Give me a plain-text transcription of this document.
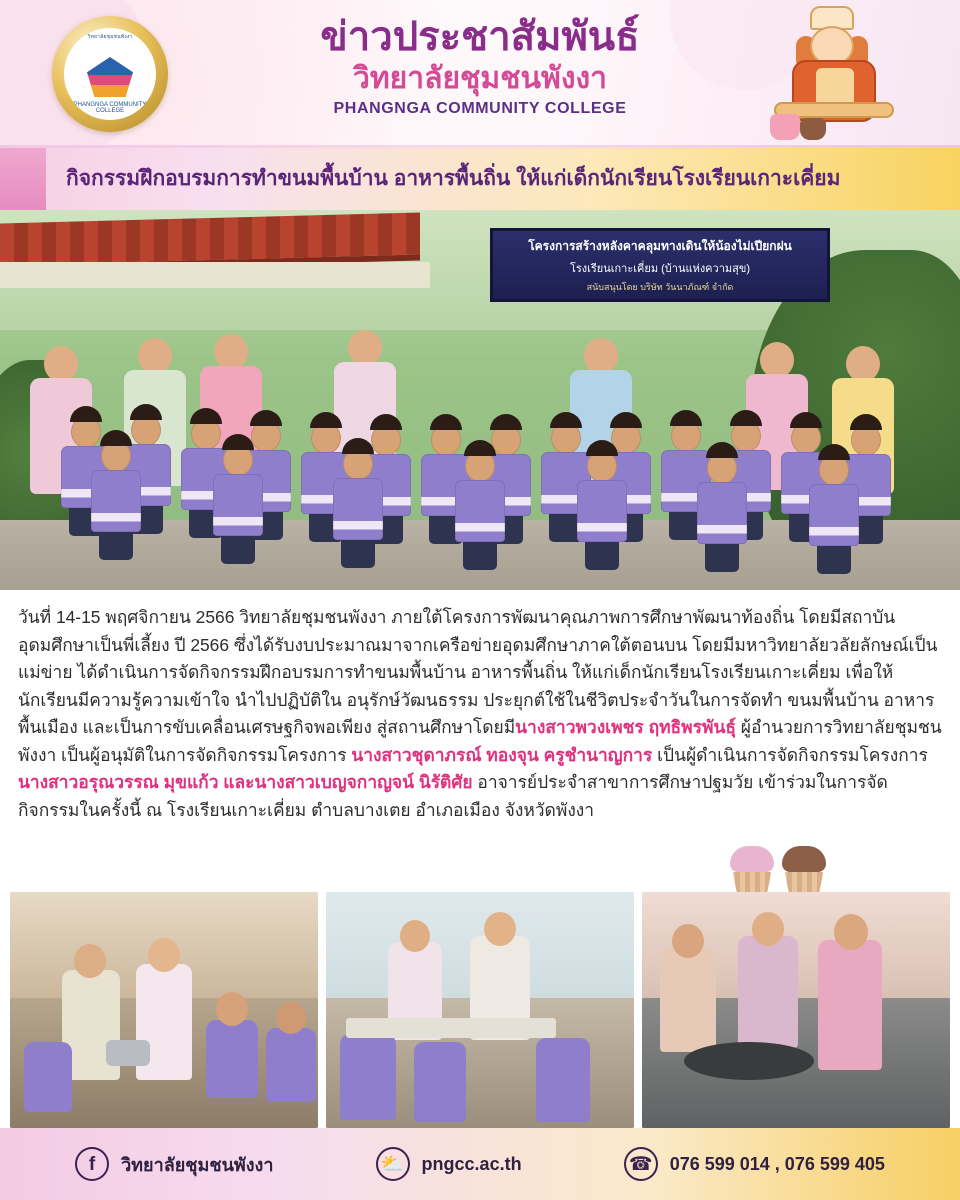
วิทยาลัยชุมชนพังงา
PHANGNGA COMMUNITY COLLEGE
ข่าวประชาสัมพันธ์
วิทยาลัยชุมชนพังงา
PHANGNGA COMMUNITY COLLEGE
กิจกรรมฝึกอบรมการทำขนมพื้นบ้าน อาหารพื้นถิ่น ให้แก่เด็กนักเรียนโรงเรียนเกาะเคี่ยม
โครงการสร้างหลังคาคลุมทางเดินให้น้องไม่เปียกฝน
โรงเรียนเกาะเคี่ยม (บ้านแห่งความสุข)
สนับสนุนโดย บริษัท วันนาภัณฑ์ จำกัด

วันที่ 14-15 พฤศจิกายน 2566 วิทยาลัยชุมชนพังงา ภายใต้โครงการพัฒนาคุณภาพการศึกษาพัฒนาท้องถิ่น โดยมีสถาบันอุดมศึกษาเป็นพี่เลี้ยง ปี 2566 ซึ่งได้รับงบประมาณมาจากเครือข่ายอุดมศึกษาภาคใต้ตอนบน โดยมีมหาวิทยาลัยวลัยลักษณ์เป็นแม่ข่าย ได้ดำเนินการจัดกิจกรรมฝึกอบรมการทำขนมพื้นบ้าน อาหารพื้นถิ่น ให้แก่เด็กนักเรียนโรงเรียนเกาะเคี่ยม เพื่อให้นักเรียนมีความรู้ความเข้าใจ นำไปปฏิบัติใน อนุรักษ์วัฒนธรรม ประยุกต์ใช้ในชีวิตประจำวันในการจัดทำ ขนมพื้นบ้าน อาหารพื้นเมือง และเป็นการขับเคลื่อนเศรษฐกิจพอเพียง สู่สถานศึกษาโดยมีนางสาวพวงเพชร ฤทธิพรพันธุ์ ผู้อำนวยการวิทยาลัยชุมชนพังงา เป็นผู้อนุมัติในการจัดกิจกรรมโครงการ นางสาวชุดาภรณ์ ทองจุน ครูชำนาญการ เป็นผู้ดำเนินการจัดกิจกรรมโครงการ นางสาวอรุณวรรณ มุขแก้ว และนางสาวเบญจกาญจน์ นิรัติศัย อาจารย์ประจำสาขาการศึกษาปฐมวัย เข้าร่วมในการจัดกิจกรรมในครั้งนี้ ณ โรงเรียนเกาะเคี่ยม ตำบลบางเตย อำเภอเมือง จังหวัดพังงา

f	วิทยาลัยชุมชนพังงา	⛅ pngcc.ac.th	☎ 076 599 014 , 076 599 405
